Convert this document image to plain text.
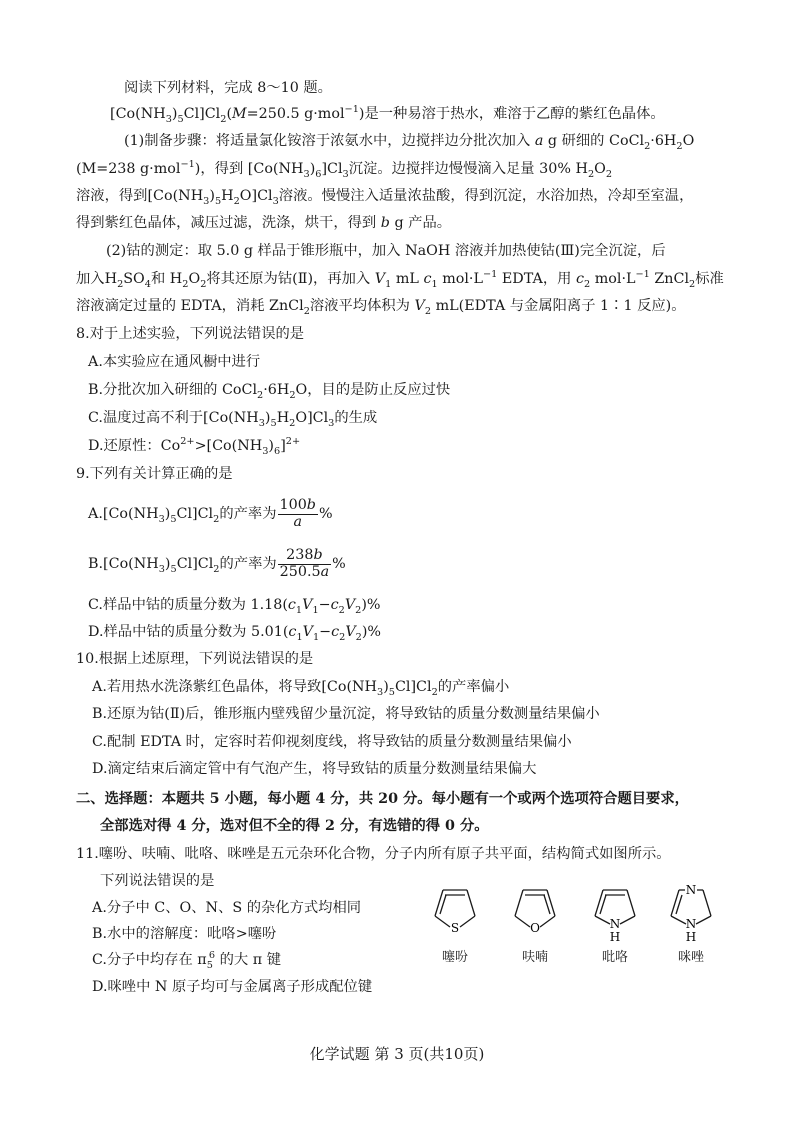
阅读下列材料，完成 8～10 题。
$[Co(NH_3)_5Cl]Cl_2(M=250.5$ g·mol$^{-1}$)是一种易溶于热水，难溶于乙醇的紫红色晶体。
(1)制备步骤：将适量氯化铵溶于浓氨水中，边搅拌边分批次加入 a g 研细的 $CoCl_2\cdot 6H_2O$
(M=238 g·mol$^{-1}$)，得到 $[Co(NH_3)_6]Cl_3$沉淀。边搅拌边慢慢滴入足量 30% $H_2O_2$
溶液，得到$[Co(NH_3)_5H_2O]Cl_3$溶液。慢慢注入适量浓盐酸，得到沉淀，水浴加热，冷却至室温，
得到紫红色晶体，减压过滤，洗涤，烘干，得到 b g 产品。
(2)钴的测定：取 5.0 g 样品于锥形瓶中，加入 NaOH 溶液并加热使钴(Ⅲ)完全沉淀，后
加入$H_2SO_4$和 $H_2O_2$将其还原为钴(Ⅱ)，再加入 $V_1$ mL $c_1$ $mol\cdot L^{-1}$ EDTA，用 $c_2$ $mol\cdot L^{-1}$ ZnCl$_2$标准
溶液滴定过量的 EDTA，消耗 ZnCl$_2$溶液平均体积为 $V_2$ mL(EDTA 与金属阳离子 1∶1 反应)。
8.对于上述实验，下列说法错误的是
A.本实验应在通风橱中进行
B.分批次加入研细的 $CoCl_2\cdot 6H_2O$，目的是防止反应过快
C.温度过高不利于$[Co(NH_3)_5H_2O]Cl_3$的生成
D.还原性：$Co^{2+}>[Co(NH_3)_6]^{2+}$
9.下列有关计算正确的是
$A.[Co(NH_3)_5Cl]Cl_2$的产率为 $\frac{100b}{a}$ %
$B.[Co(NH_3)_5Cl]Cl_2$的产率为 $\frac{238b}{250.5a}$ %
C.样品中钴的质量分数为 $1.18(c_1V_1-c_2V_2)\%$
D.样品中钴的质量分数为 $5.01(c_1V_1-c_2V_2)\%$
10.根据上述原理，下列说法错误的是
A.若用热水洗涤紫红色晶体，将导致$[Co(NH_3)_5Cl]Cl_2$的产率偏小
B.还原为钴(Ⅱ)后，锥形瓶内壁残留少量沉淀，将导致钴的质量分数测量结果偏小
C.配制 EDTA 时，定容时若仰视刻度线，将导致钴的质量分数测量结果偏小
D.滴定结束后滴定管中有气泡产生，将导致钴的质量分数测量结果偏大
二、选择题：本题共 5 小题，每小题 4 分，共 20 分。每小题有一个或两个选项符合题目要求，
全部选对得 4 分，选对但不全的得 2 分，有选错的得 0 分。
11.噻吩、呋喃、吡咯、咪唑是五元杂环化合物，分子内所有原子共平面，结构简式如图所示。
下列说法错误的是
A.分子中 C、O、N、S 的杂化方式均相同
B.水中的溶解度：吡咯>噻吩
C.分子中均存在 $\pi_5^6$ 的大 π 键
D.咪唑中 N 原子均可与金属离子形成配位键
S
噻吩
O
呋喃
N
H
吡咯
N
N
H
咪唑
化学试题 第 3 页(共10页)
